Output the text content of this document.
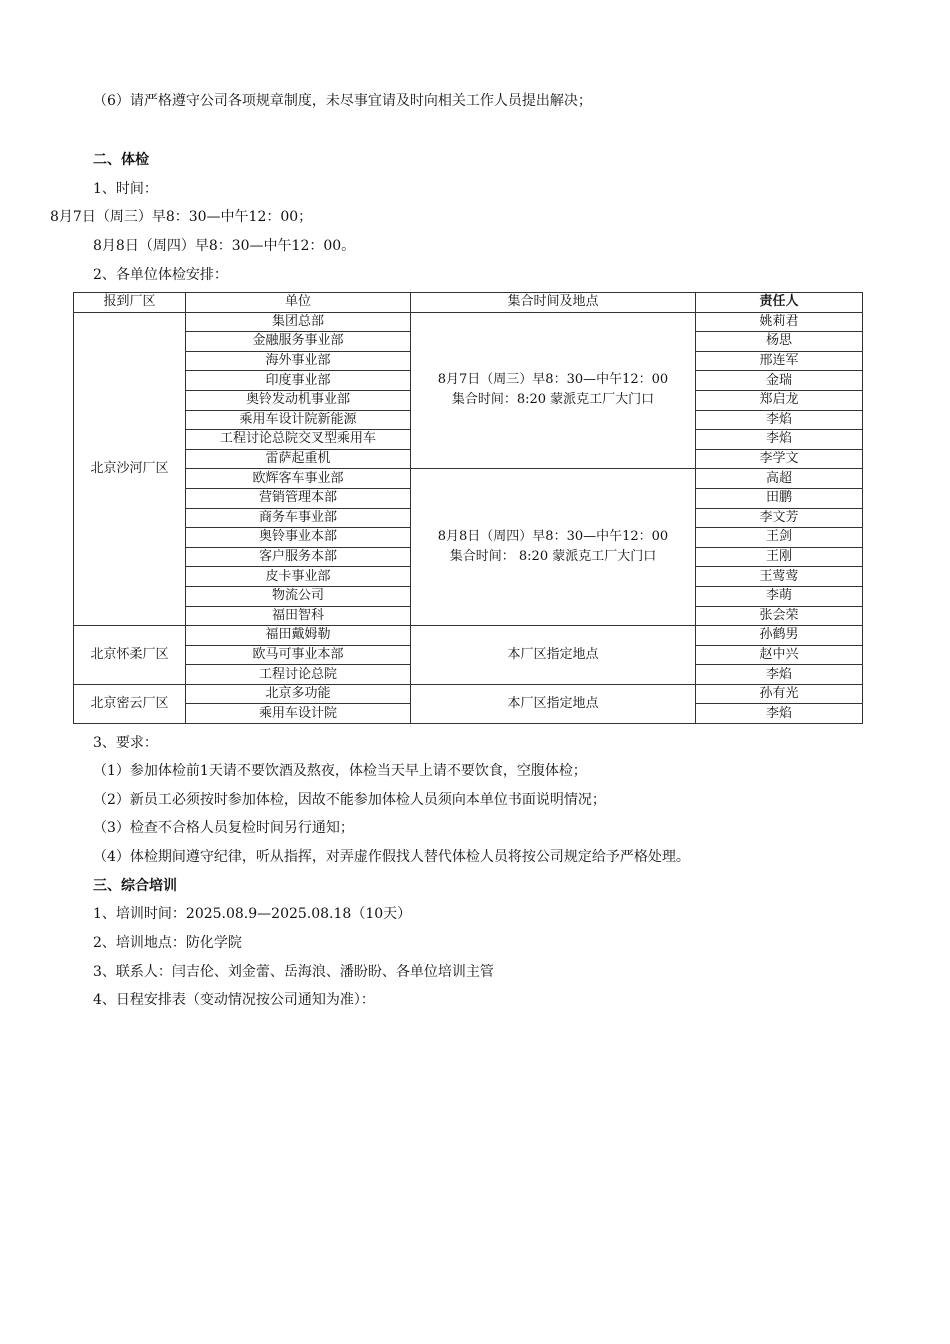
（6）请严格遵守公司各项规章制度，未尽事宜请及时向相关工作人员提出解决；
二、体检
1、时间：
8月7日（周三）早8：30—中午12：00；
8月8日（周四）早8：30—中午12：00。
2、各单位体检安排：
报到厂区	单位	集合时间及地点	责任人
北京沙河厂区	集团总部	8月7日（周三）早8：30—中午12：00
集合时间：8:20 蒙派克工厂大门口	姚莉君
	金融服务事业部		杨思
	海外事业部		邢连军
	印度事业部		金瑞
	奥铃发动机事业部		郑启龙
	乘用车设计院新能源		李焰
	工程讨论总院交叉型乘用车		李焰
	雷萨起重机		李学文
	欧辉客车事业部	8月8日（周四）早8：30—中午12：00
集合时间： 8:20 蒙派克工厂大门口	高超
	营销管理本部		田鹏
	商务车事业部		李文芳
	奥铃事业本部		王剑
	客户服务本部		王刚
	皮卡事业部		王莺莺
	物流公司		李萌
	福田智科		张会荣
北京怀柔厂区	福田戴姆勒	本厂区指定地点	孙鹤男
	欧马可事业本部		赵中兴
	工程讨论总院		李焰
北京密云厂区	北京多功能	本厂区指定地点	孙有光
	乘用车设计院		李焰
3、要求：
（1）参加体检前1天请不要饮酒及熬夜，体检当天早上请不要饮食，空腹体检；
（2）新员工必须按时参加体检，因故不能参加体检人员须向本单位书面说明情况；
（3）检查不合格人员复检时间另行通知；
（4）体检期间遵守纪律，听从指挥，对弄虚作假找人替代体检人员将按公司规定给予严格处理。
三、综合培训
1、培训时间：2025.08.9—2025.08.18（10天）
2、培训地点：防化学院
3、联系人：闫吉伦、刘金蕾、岳海浪、潘盼盼、各单位培训主管
4、日程安排表（变动情况按公司通知为准）：
